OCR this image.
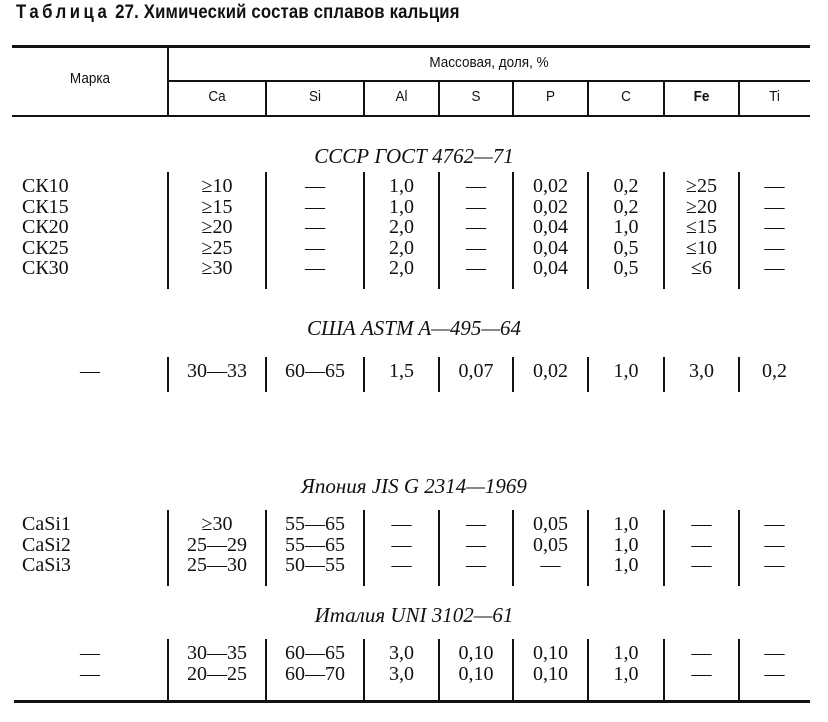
Таблица 27. Химический состав сплавов кальция
Марка
Массовая, доля, %
Ca	Si	Al	S	P	C	Fe	Ti
СССР ГОСТ 4762—71
СК10	≥10	—	1,0	—	0,02	0,2	≥25	—
СК15	≥15	—	1,0	—	0,02	0,2	≥20	—
СК20	≥20	—	2,0	—	0,04	1,0	≤15	—
СК25	≥25	—	2,0	—	0,04	0,5	≤10	—
СК30	≥30	—	2,0	—	0,04	0,5	≤6	—
США ASTM A—495—64
—	30—33	60—65	1,5	0,07	0,02	1,0	3,0	0,2
Япония JIS G 2314—1969
CaSi1	≥30	55—65	—	—	0,05	1,0	—	—
CaSi2	25—29	55—65	—	—	0,05	1,0	—	—
CaSi3	25—30	50—55	—	—	—	1,0	—	—
Италия UNI 3102—61
—	30—35	60—65	3,0	0,10	0,10	1,0	—	—
—	20—25	60—70	3,0	0,10	0,10	1,0	—	—
